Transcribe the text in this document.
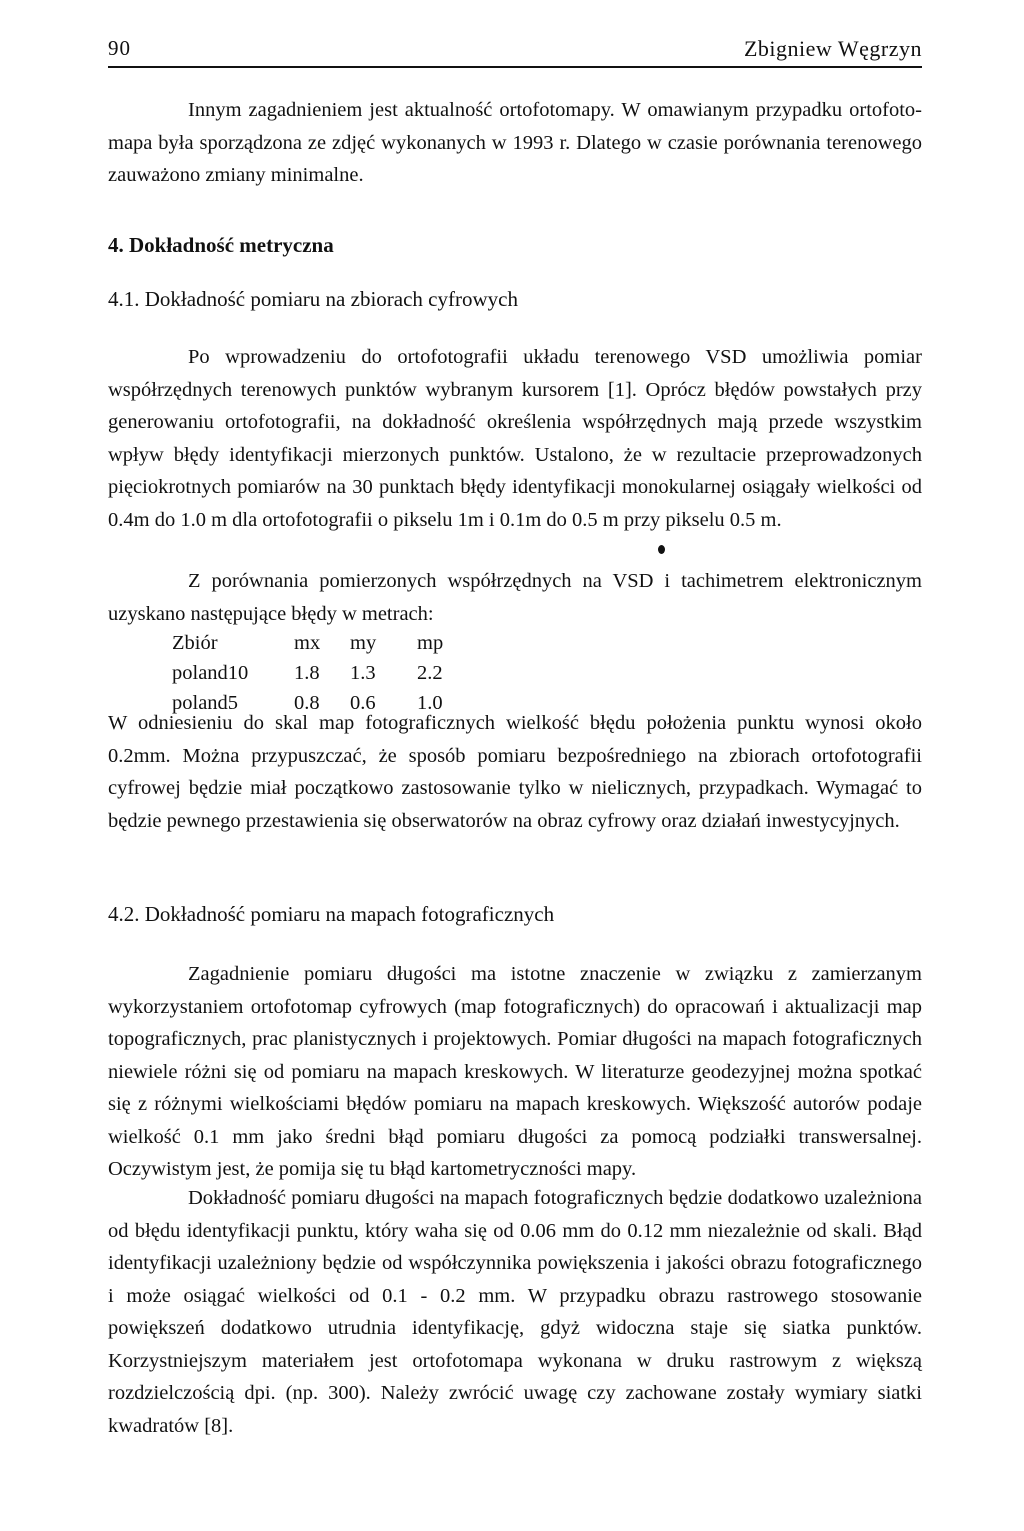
90	Zbigniew Węgrzyn

Innym zagadnieniem jest aktualność ortofotomapy. W omawianym przypadku ortofoto-mapa była sporządzona ze zdjęć wykonanych w 1993 r. Dlatego w czasie porównania terenowego zauważono zmiany minimalne.

4. Dokładność metryczna

4.1. Dokładność pomiaru na zbiorach cyfrowych

Po wprowadzeniu do ortofotografii układu terenowego VSD umożliwia pomiar współrzędnych terenowych punktów wybranym kursorem [1]. Oprócz błędów powstałych przy generowaniu ortofotografii, na dokładność określenia współrzędnych mają przede wszystkim wpływ błędy identyfikacji mierzonych punktów. Ustalono, że w rezultacie przeprowadzonych pięciokrotnych pomiarów na 30 punktach błędy identyfikacji monokularnej osiągały wielkości od 0.4m do 1.0 m dla ortofotografii o pikselu 1m i 0.1m do 0.5 m przy pikselu 0.5 m.

Z porównania pomierzonych współrzędnych na VSD i tachimetrem elektronicznym uzyskano następujące błędy w metrach:

Zbiór	mx	my	mp
poland10	1.8	1.3	2.2
poland5	0.8	0.6	1.0

W odniesieniu do skal map fotograficznych wielkość błędu położenia punktu wynosi około 0.2mm. Można przypuszczać, że sposób pomiaru bezpośredniego na zbiorach ortofotografii cyfrowej będzie miał początkowo zastosowanie tylko w nielicznych, przypadkach. Wymagać to będzie pewnego przestawienia się obserwatorów na obraz cyfrowy oraz działań inwestycyjnych.

4.2. Dokładność pomiaru na mapach fotograficznych

Zagadnienie pomiaru długości ma istotne znaczenie w związku z zamierzanym wykorzystaniem ortofotomap cyfrowych (map fotograficznych) do opracowań i aktualizacji map topograficznych, prac planistycznych i projektowych. Pomiar długości na mapach fotograficznych niewiele różni się od pomiaru na mapach kreskowych. W literaturze geodezyjnej można spotkać się z różnymi wielkościami błędów pomiaru na mapach kreskowych. Większość autorów podaje wielkość 0.1 mm jako średni błąd pomiaru długości za pomocą podziałki transwersalnej. Oczywistym jest, że pomija się tu błąd kartometryczności mapy.

Dokładność pomiaru długości na mapach fotograficznych będzie dodatkowo uzależniona od błędu identyfikacji punktu, który waha się od 0.06 mm do 0.12 mm niezależnie od skali. Błąd identyfikacji uzależniony będzie od współczynnika powiększenia i jakości obrazu fotograficznego i może osiągać wielkości od 0.1 - 0.2 mm. W przypadku obrazu rastrowego stosowanie powiększeń dodatkowo utrudnia identyfikację, gdyż widoczna staje się siatka punktów. Korzystniejszym materiałem jest ortofotomapa wykonana w druku rastrowym z większą rozdzielczością dpi. (np. 300). Należy zwrócić uwagę czy zachowane zostały wymiary siatki kwadratów [8].
